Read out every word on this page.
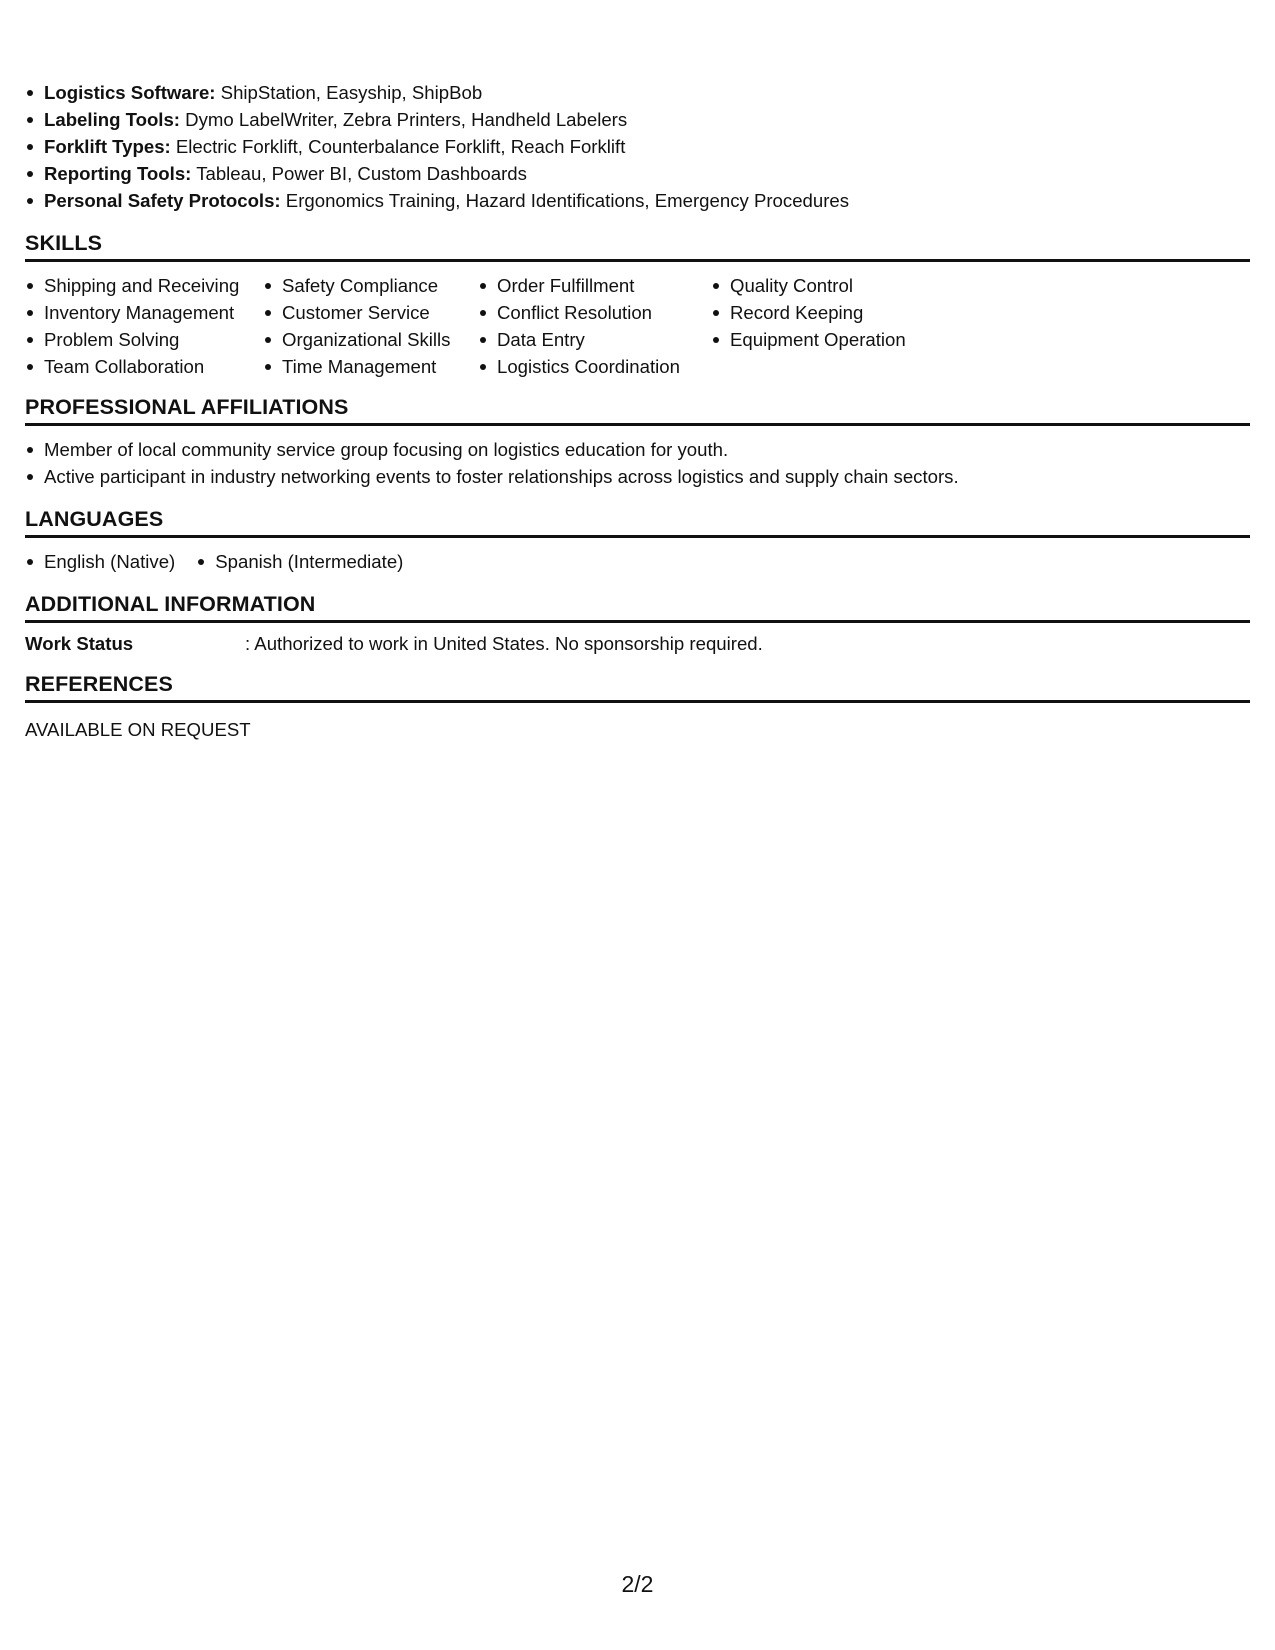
Logistics Software: ShipStation, Easyship, ShipBob
Labeling Tools: Dymo LabelWriter, Zebra Printers, Handheld Labelers
Forklift Types: Electric Forklift, Counterbalance Forklift, Reach Forklift
Reporting Tools: Tableau, Power BI, Custom Dashboards
Personal Safety Protocols: Ergonomics Training, Hazard Identifications, Emergency Procedures
SKILLS
Shipping and Receiving
Inventory Management
Problem Solving
Team Collaboration
Safety Compliance
Customer Service
Organizational Skills
Time Management
Order Fulfillment
Conflict Resolution
Data Entry
Logistics Coordination
Quality Control
Record Keeping
Equipment Operation
PROFESSIONAL AFFILIATIONS
Member of local community service group focusing on logistics education for youth.
Active participant in industry networking events to foster relationships across logistics and supply chain sectors.
LANGUAGES
English (Native)	Spanish (Intermediate)
ADDITIONAL INFORMATION
Work Status	: Authorized to work in United States. No sponsorship required.
REFERENCES
AVAILABLE ON REQUEST
2/2
